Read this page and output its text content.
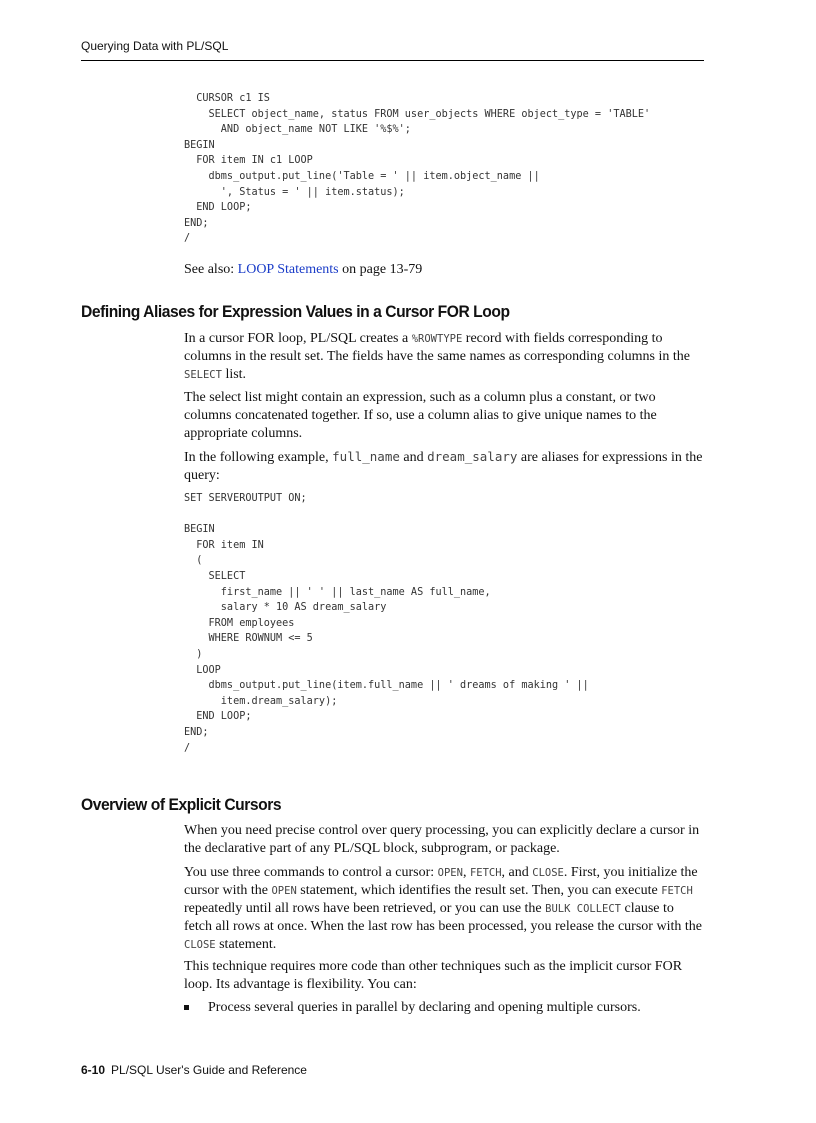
Querying Data with PL/SQL
CURSOR c1 IS
SELECT object_name, status FROM user_objects WHERE object_type = 'TABLE'
AND object_name NOT LIKE '%$%';
BEGIN
FOR item IN c1 LOOP
dbms_output.put_line('Table = ' || item.object_name ||
', Status = ' || item.status);
END LOOP;
END;
/
See also: LOOP Statements on page 13-79
Defining Aliases for Expression Values in a Cursor FOR Loop

In a cursor FOR loop, PL/SQL creates a %ROWTYPE record with fields corresponding to columns in the result set. The fields have the same names as corresponding columns in the SELECT list.

The select list might contain an expression, such as a column plus a constant, or two columns concatenated together. If so, use a column alias to give unique names to the appropriate columns.

In the following example, full_name and dream_salary are aliases for expressions in the query:

SET SERVEROUTPUT ON;

BEGIN
FOR item IN
(
SELECT
first_name || ' ' || last_name AS full_name,
salary * 10 AS dream_salary
FROM employees
WHERE ROWNUM <= 5
)
LOOP
dbms_output.put_line(item.full_name || ' dreams of making ' ||
item.dream_salary);
END LOOP;
END;
/
Overview of Explicit Cursors

When you need precise control over query processing, you can explicitly declare a cursor in the declarative part of any PL/SQL block, subprogram, or package.

You use three commands to control a cursor: OPEN, FETCH, and CLOSE. First, you initialize the cursor with the OPEN statement, which identifies the result set. Then, you can execute FETCH repeatedly until all rows have been retrieved, or you can use the BULK COLLECT clause to fetch all rows at once. When the last row has been processed, you release the cursor with the CLOSE statement.

This technique requires more code than other techniques such as the implicit cursor FOR loop. Its advantage is flexibility. You can:

Process several queries in parallel by declaring and opening multiple cursors.
6-10 PL/SQL User's Guide and Reference
